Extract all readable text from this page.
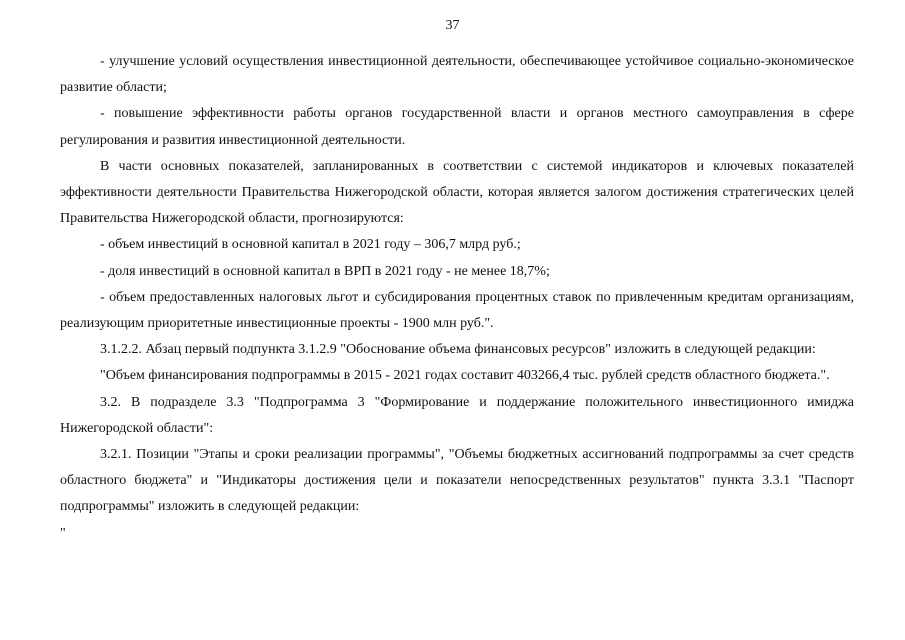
37

- улучшение условий осуществления инвестиционной деятельности, обеспечивающее устойчивое социально-экономическое развитие области;

- повышение эффективности работы органов государственной власти и органов местного самоуправления в сфере регулирования и развития инвестиционной деятельности.

В части основных показателей, запланированных в соответствии с системой индикаторов и ключевых показателей эффективности деятельности Правительства Нижегородской области, которая является залогом достижения стратегических целей Правительства Нижегородской области, прогнозируются:

- объем инвестиций в основной капитал в 2021 году – 306,7 млрд руб.;

- доля инвестиций в основной капитал в ВРП в 2021 году - не менее 18,7%;

- объем предоставленных налоговых льгот и субсидирования процентных ставок по привлеченным кредитам организациям, реализующим приоритетные инвестиционные проекты - 1900 млн руб.".

3.1.2.2. Абзац первый подпункта 3.1.2.9 "Обоснование объема финансовых ресурсов" изложить в следующей редакции:

"Объем финансирования подпрограммы в 2015 - 2021 годах составит 403266,4 тыс. рублей средств областного бюджета.".

3.2. В подразделе 3.3 "Подпрограмма 3 "Формирование и поддержание положительного инвестиционного имиджа Нижегородской области":

3.2.1. Позиции "Этапы и сроки реализации программы", "Объемы бюджетных ассигнований подпрограммы за счет средств областного бюджета" и "Индикаторы достижения цели и показатели непосредственных результатов" пункта 3.3.1 "Паспорт подпрограммы" изложить в следующей редакции:

"
